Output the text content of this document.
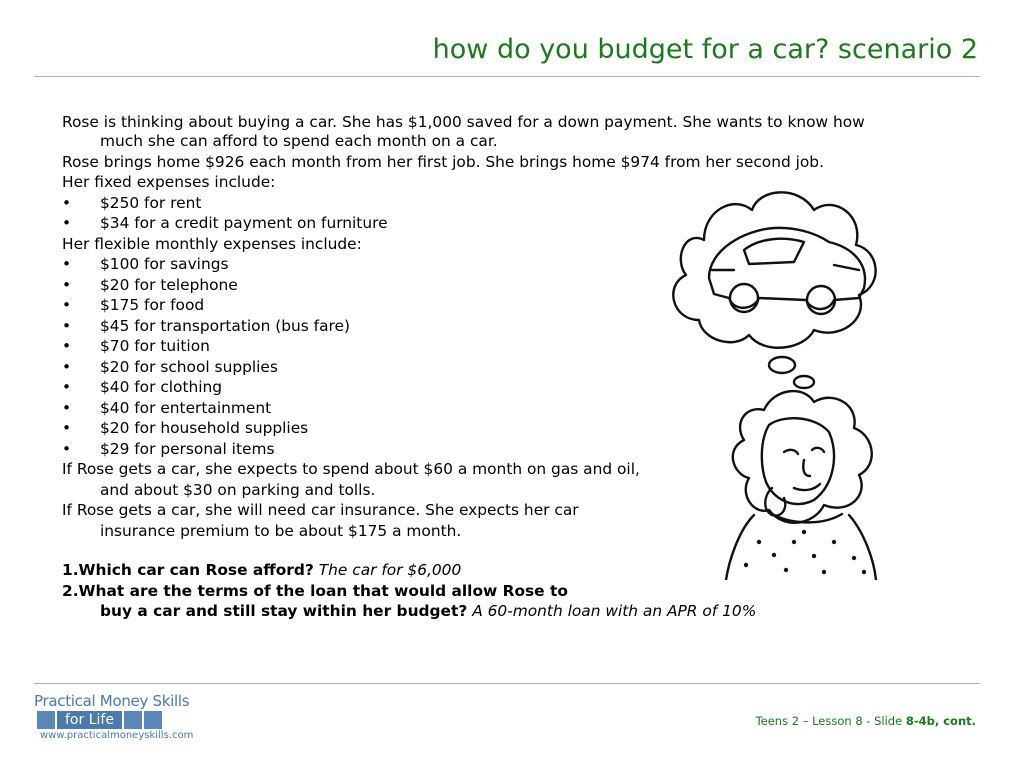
how do you budget for a car? scenario 2
Rose is thinking about buying a car. She has $1,000 saved for a down payment. She wants to know how much she can afford to spend each month on a car.
Rose brings home $926 each month from her first job. She brings home $974 from her second job.
Her fixed expenses include:
• $250 for rent
• $34 for a credit payment on furniture
Her flexible monthly expenses include:
• $100 for savings
• $20 for telephone
• $175 for food
• $45 for transportation (bus fare)
• $70 for tuition
• $20 for school supplies
• $40 for clothing
• $40 for entertainment
• $20 for household supplies
• $29 for personal items
If Rose gets a car, she expects to spend about $60 a month on gas and oil,
and about $30 on parking and tolls.
If Rose gets a car, she will need car insurance. She expects her car
insurance premium to be about $175 a month.
1.Which car can Rose afford? The car for $6,000
2.What are the terms of the loan that would allow Rose to
buy a car and still stay within her budget? A 60-month loan with an APR of 10%
Practical Money Skills
for Life
www.practicalmoneyskills.com
Teens 2 – Lesson 8 - Slide 8-4b, cont.
